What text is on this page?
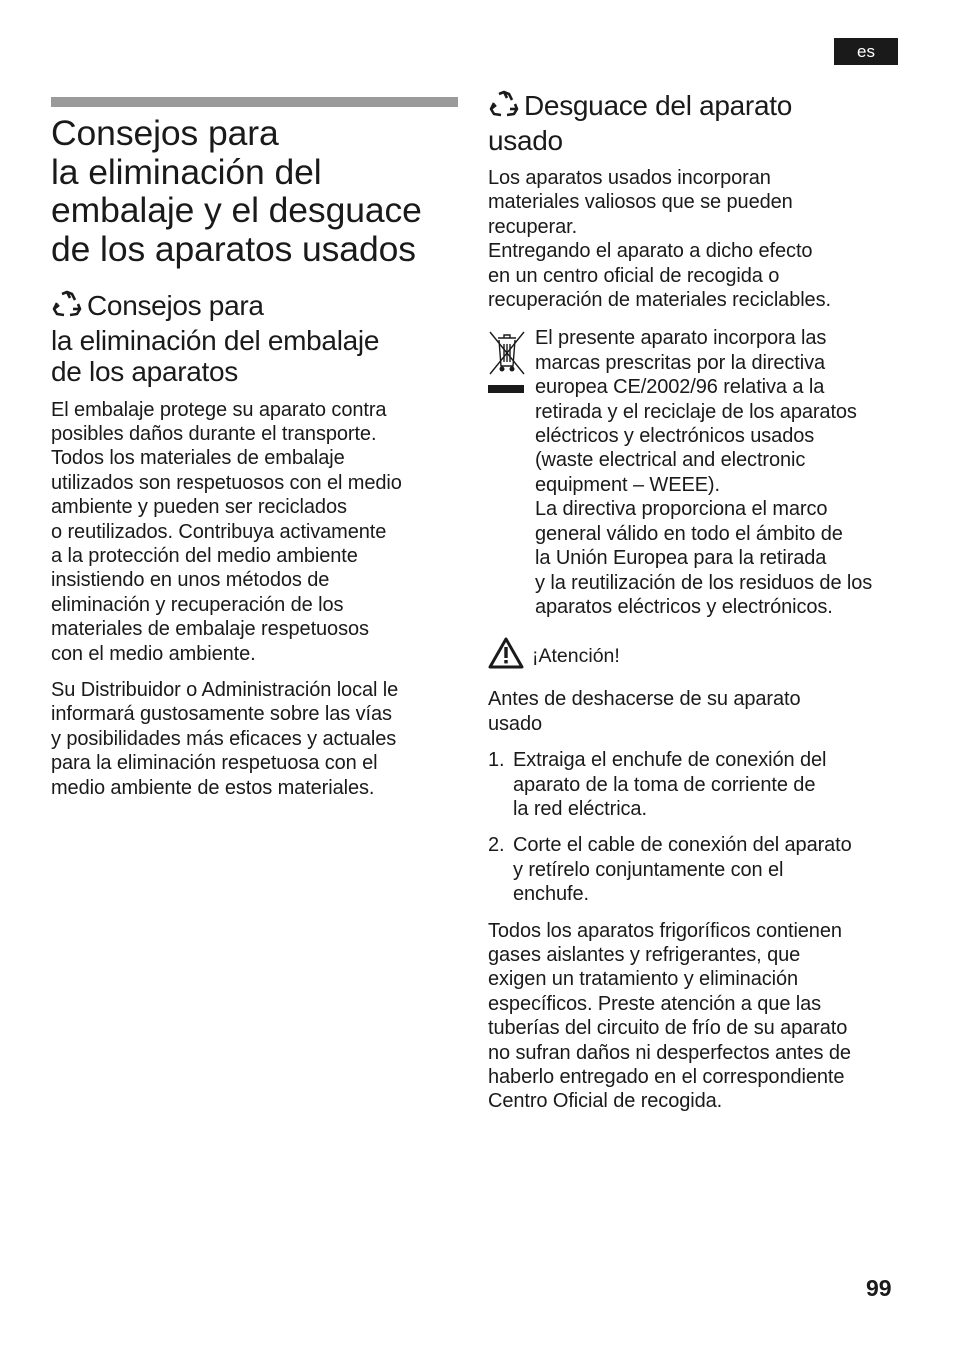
es
Consejos para
la eliminación del
embalaje y el desguace
de los aparatos usados
Consejos para
la eliminación del embalaje
de los aparatos

El embalaje protege su aparato contra
posibles daños durante el transporte.
Todos los materiales de embalaje
utilizados son respetuosos con el medio
ambiente y pueden ser reciclados
o reutilizados. Contribuya activamente
a la protección del medio ambiente
insistiendo en unos métodos de
eliminación y recuperación de los
materiales de embalaje respetuosos
con el medio ambiente.

Su Distribuidor o Administración local le
informará gustosamente sobre las vías
y posibilidades más eficaces y actuales
para la eliminación respetuosa con el
medio ambiente de estos materiales.

Desguace del aparato
usado

Los aparatos usados incorporan
materiales valiosos que se pueden
recuperar.
Entregando el aparato a dicho efecto
en un centro oficial de recogida o
recuperación de materiales reciclables.

El presente aparato incorpora las
marcas prescritas por la directiva
europea CE/2002/96 relativa a la
retirada y el reciclaje de los aparatos
eléctricos y electrónicos usados
(waste electrical and electronic
equipment – WEEE).
La directiva proporciona el marco
general válido en todo el ámbito de
la Unión Europea para la retirada
y la reutilización de los residuos de los
aparatos eléctricos y electrónicos.

¡Atención!

Antes de deshacerse de su aparato
usado

1. Extraiga el enchufe de conexión del
aparato de la toma de corriente de
la red eléctrica.

2. Corte el cable de conexión del aparato
y retírelo conjuntamente con el
enchufe.

Todos los aparatos frigoríficos contienen
gases aislantes y refrigerantes, que
exigen un tratamiento y eliminación
específicos. Preste atención a que las
tuberías del circuito de frío de su aparato
no sufran daños ni desperfectos antes de
haberlo entregado en el correspondiente
Centro Oficial de recogida.

99
